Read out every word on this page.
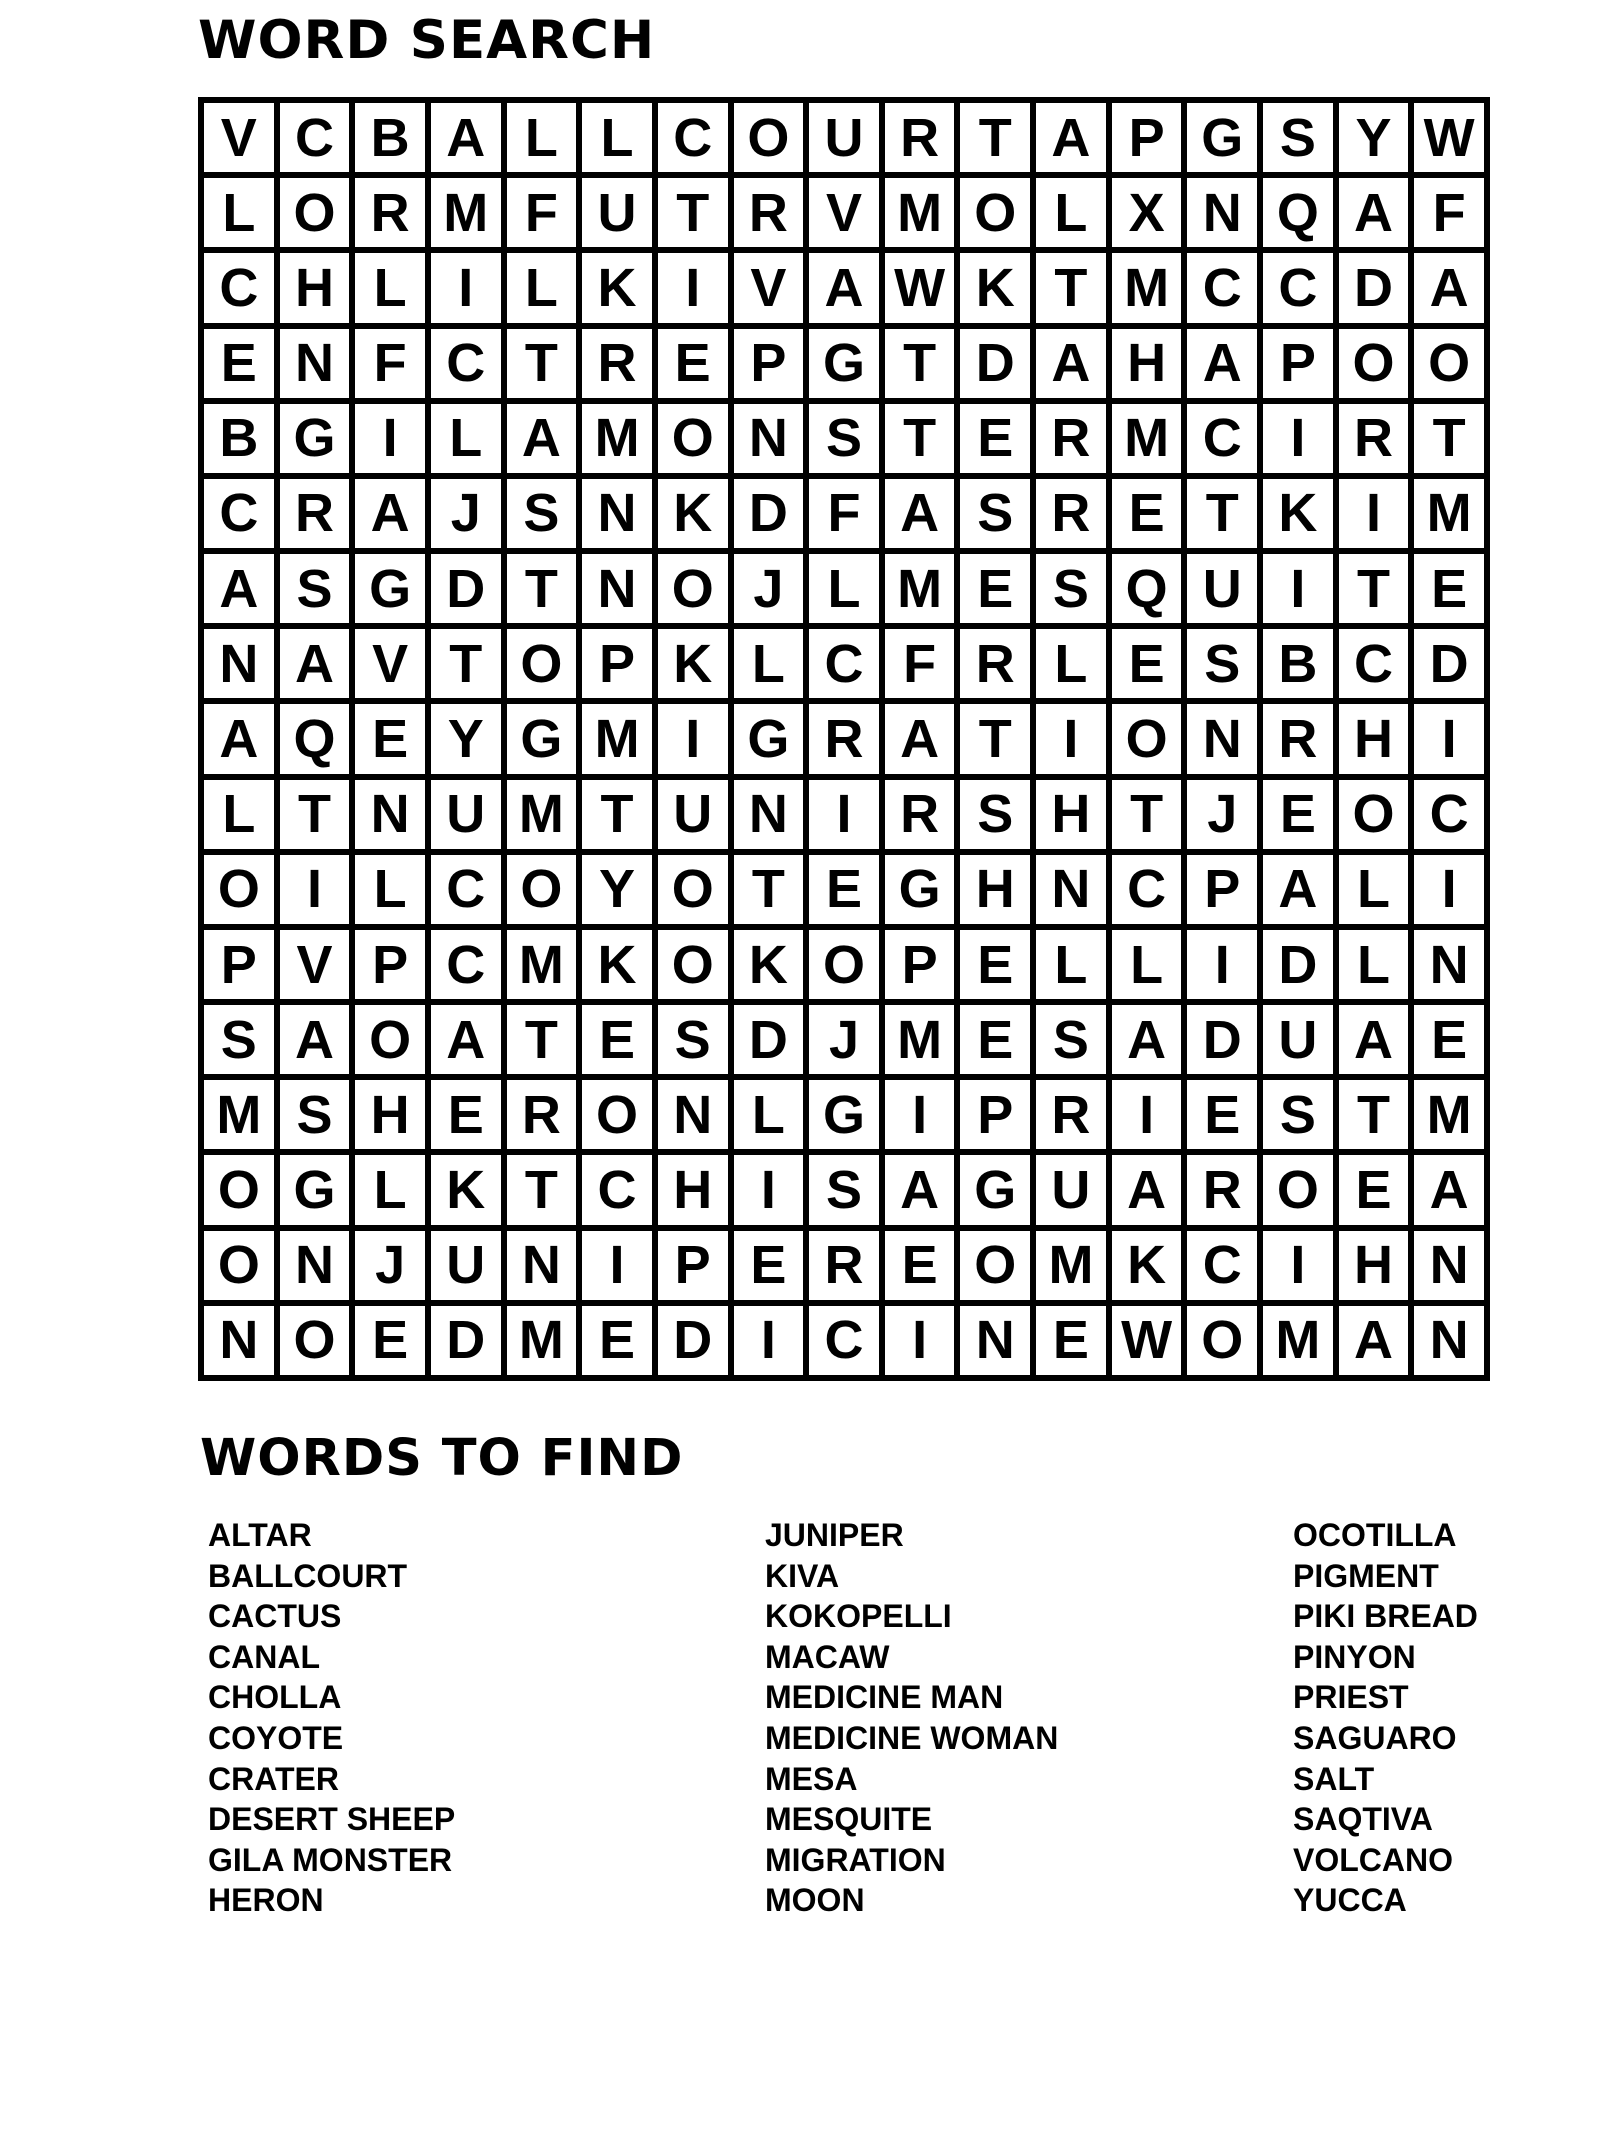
WORD SEARCH
V C B A L L C O U R T A P G S Y W
L O R M F U T R V M O L X N Q A F
C H L I L K I V A W K T M C C D A
E N F C T R E P G T D A H A P O O
B G I L A M O N S T E R M C I R T
C R A J S N K D F A S R E T K I M
A S G D T N O J L M E S Q U I T E
N A V T O P K L C F R L E S B C D
A Q E Y G M I G R A T I O N R H I
L T N U M T U N I R S H T J E O C
O I L C O Y O T E G H N C P A L I
P V P C M K O K O P E L L I D L N
S A O A T E S D J M E S A D U A E
M S H E R O N L G I P R I E S T M
O G L K T C H I S A G U A R O E A
O N J U N I P E R E O M K C I H N
N O E D M E D I C I N E W O M A N
WORDS TO FIND
ALTAR
BALLCOURT
CACTUS
CANAL
CHOLLA
COYOTE
CRATER
DESERT SHEEP
GILA MONSTER
HERON
JUNIPER
KIVA
KOKOPELLI
MACAW
MEDICINE MAN
MEDICINE WOMAN
MESA
MESQUITE
MIGRATION
MOON
OCOTILLA
PIGMENT
PIKI BREAD
PINYON
PRIEST
SAGUARO
SALT
SAQTIVA
VOLCANO
YUCCA
